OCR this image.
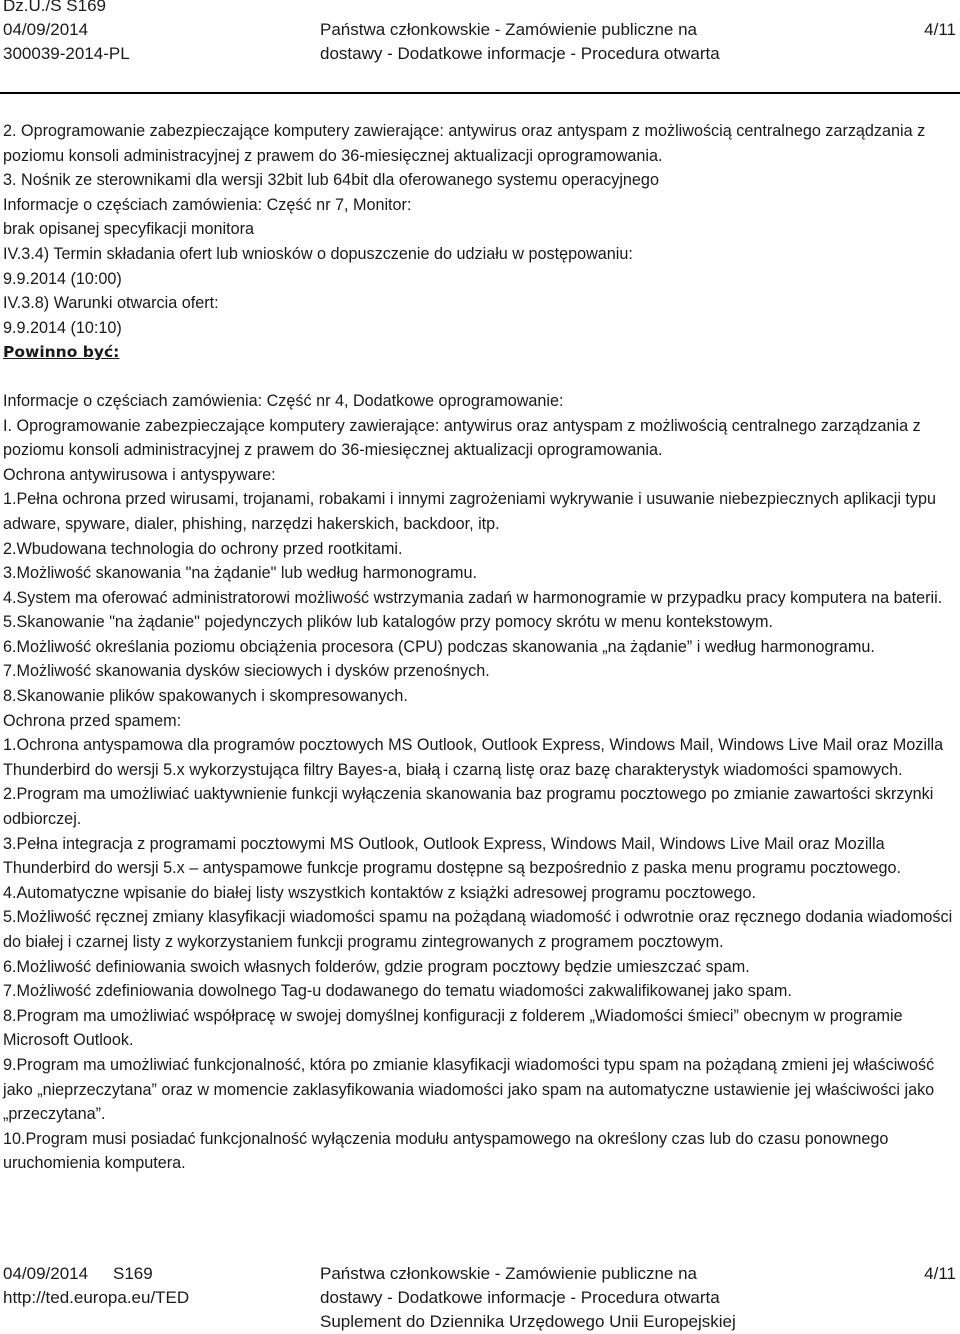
Dz.U./S S169
04/09/2014
300039-2014-PL
Państwa członkowskie - Zamówienie publiczne na
dostawy - Dodatkowe informacje - Procedura otwarta
4/11

2. Oprogramowanie zabezpieczające komputery zawierające: antywirus oraz antyspam z możliwością centralnego zarządzania z poziomu konsoli administracyjnej z prawem do 36-miesięcznej aktualizacji oprogramowania.

3. Nośnik ze sterownikami dla wersji 32bit lub 64bit dla oferowanego systemu operacyjnego

Informacje o częściach zamówienia: Część nr 7, Monitor:

brak opisanej specyfikacji monitora

IV.3.4) Termin składania ofert lub wniosków o dopuszczenie do udziału w postępowaniu:

9.9.2014 (10:00)

IV.3.8) Warunki otwarcia ofert:

9.9.2014 (10:10)

Powinno być:

Informacje o częściach zamówienia: Część nr 4, Dodatkowe oprogramowanie:

I. Oprogramowanie zabezpieczające komputery zawierające: antywirus oraz antyspam z możliwością centralnego zarządzania z poziomu konsoli administracyjnej z prawem do 36-miesięcznej aktualizacji oprogramowania.

Ochrona antywirusowa i antyspyware:

1.Pełna ochrona przed wirusami, trojanami, robakami i innymi zagrożeniami wykrywanie i usuwanie niebezpiecznych aplikacji typu adware, spyware, dialer, phishing, narzędzi hakerskich, backdoor, itp.

2.Wbudowana technologia do ochrony przed rootkitami.

3.Możliwość skanowania "na żądanie" lub według harmonogramu.

4.System ma oferować administratorowi możliwość wstrzymania zadań w harmonogramie w przypadku pracy komputera na baterii.

5.Skanowanie "na żądanie" pojedynczych plików lub katalogów przy pomocy skrótu w menu kontekstowym.

6.Możliwość określania poziomu obciążenia procesora (CPU) podczas skanowania „na żądanie” i według harmonogramu.

7.Możliwość skanowania dysków sieciowych i dysków przenośnych.

8.Skanowanie plików spakowanych i skompresowanych.

Ochrona przed spamem:

1.Ochrona antyspamowa dla programów pocztowych MS Outlook, Outlook Express, Windows Mail, Windows Live Mail oraz Mozilla Thunderbird do wersji 5.x wykorzystująca filtry Bayes-a, białą i czarną listę oraz bazę charakterystyk wiadomości spamowych.

2.Program ma umożliwiać uaktywnienie funkcji wyłączenia skanowania baz programu pocztowego po zmianie zawartości skrzynki odbiorczej.

3.Pełna integracja z programami pocztowymi MS Outlook, Outlook Express, Windows Mail, Windows Live Mail oraz Mozilla Thunderbird do wersji 5.x – antyspamowe funkcje programu dostępne są bezpośrednio z paska menu programu pocztowego.

4.Automatyczne wpisanie do białej listy wszystkich kontaktów z książki adresowej programu pocztowego.

5.Możliwość ręcznej zmiany klasyfikacji wiadomości spamu na pożądaną wiadomość i odwrotnie oraz ręcznego dodania wiadomości do białej i czarnej listy z wykorzystaniem funkcji programu zintegrowanych z programem pocztowym.

6.Możliwość definiowania swoich własnych folderów, gdzie program pocztowy będzie umieszczać spam.

7.Możliwość zdefiniowania dowolnego Tag-u dodawanego do tematu wiadomości zakwalifikowanej jako spam.

8.Program ma umożliwiać współpracę w swojej domyślnej konfiguracji z folderem „Wiadomości śmieci” obecnym w programie Microsoft Outlook.

9.Program ma umożliwiać funkcjonalność, która po zmianie klasyfikacji wiadomości typu spam na pożądaną zmieni jej właściwość jako „nieprzeczytana” oraz w momencie zaklasyfikowania wiadomości jako spam na automatyczne ustawienie jej właściwości jako „przeczytana”.

10.Program musi posiadać funkcjonalność wyłączenia modułu antyspamowego na określony czas lub do czasu ponownego uruchomienia komputera.

04/09/2014 S169
http://ted.europa.eu/TED
Państwa członkowskie - Zamówienie publiczne na
dostawy - Dodatkowe informacje - Procedura otwarta
Suplement do Dziennika Urzędowego Unii Europejskiej
4/11
